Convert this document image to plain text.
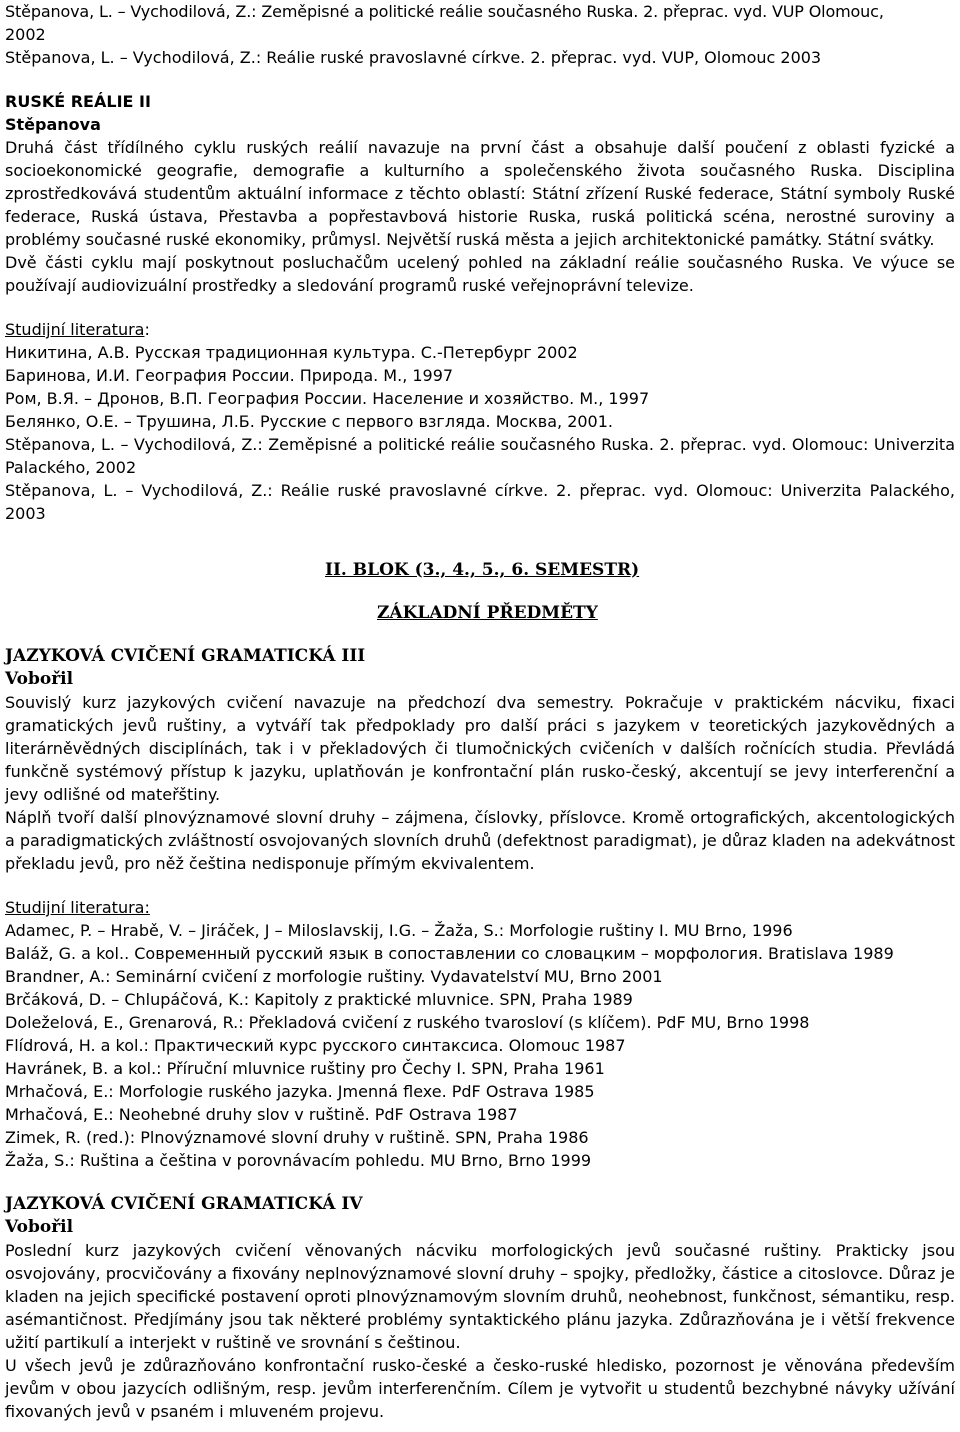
Stěpanova, L. – Vychodilová, Z.: Zeměpisné a politické reálie současného Ruska. 2. přeprac. vyd. VUP Olomouc,

2002

Stěpanova, L. – Vychodilová, Z.: Reálie ruské pravoslavné církve. 2. přeprac. vyd. VUP, Olomouc 2003

RUSKÉ REÁLIE II

Stěpanova

Druhá část třídílného cyklu ruských reálií navazuje na první část a obsahuje další poučení z oblasti fyzické a socioekonomické geografie, demografie a kulturního a společenského života současného Ruska. Disciplina zprostředkovává studentům aktuální informace z těchto oblastí: Státní zřízení Ruské federace, Státní symboly Ruské federace, Ruská ústava, Přestavba a popřestavbová historie Ruska, ruská politická scéna, nerostné suroviny a problémy současné ruské ekonomiky, průmysl. Největší ruská města a jejich architektonické památky. Státní svátky.

Dvě části cyklu mají poskytnout posluchačům ucelený pohled na základní reálie současného Ruska. Ve výuce se používají audiovizuální prostředky a sledování programů ruské veřejnoprávní televize.

Studijní literatura:

Никитина, А.В. Русская традиционная культура. С.-Петербург 2002

Баринова, И.И. География России. Природа. М., 1997

Ром, В.Я. – Дронов, В.П. География России. Население и хозяйство. М., 1997

Белянко, О.Е. – Трушина, Л.Б. Русские с первого взгляда. Москва, 2001.

Stěpanova, L. – Vychodilová, Z.: Zeměpisné a politické reálie současného Ruska. 2. přeprac. vyd. Olomouc: Univerzita Palackého, 2002

Stěpanova, L. – Vychodilová, Z.: Reálie ruské pravoslavné církve. 2. přeprac. vyd. Olomouc: Univerzita Palackého, 2003

II. BLOK (3., 4., 5., 6. SEMESTR)

ZÁKLADNÍ PŘEDMĚTY

JAZYKOVÁ CVIČENÍ GRAMATICKÁ III

Vobořil

Souvislý kurz jazykových cvičení navazuje na předchozí dva semestry. Pokračuje v praktickém nácviku, fixaci gramatických jevů ruštiny, a vytváří tak předpoklady pro další práci s jazykem v teoretických jazykovědných a literárněvědných disciplínách, tak i v překladových či tlumočnických cvičeních v dalších ročnících studia. Převládá funkčně systémový přístup k jazyku, uplatňován je konfrontační plán rusko-český, akcentují se jevy interferenční a jevy odlišné od mateřštiny.

Náplň tvoří další plnovýznamové slovní druhy – zájmena, číslovky, příslovce. Kromě ortografických, akcentologických a paradigmatických zvláštností osvojovaných slovních druhů (defektnost paradigmat), je důraz kladen na adekvátnost překladu jevů, pro něž čeština nedisponuje přímým ekvivalentem.

Studijní literatura:

Adamec, P. – Hrabě, V. – Jiráček, J – Miloslavskij, I.G. – Žaža, S.: Morfologie ruštiny I. MU Brno, 1996

Baláž, G. a kol.. Современный русский язык в сопоставлении со словацким – морфология. Bratislava 1989

Brandner, A.: Seminární cvičení z morfologie ruštiny. Vydavatelství MU, Brno 2001

Brčáková, D. – Chlupáčová, K.: Kapitoly z praktické mluvnice. SPN, Praha 1989

Doleželová, E., Grenarová, R.: Překladová cvičení z ruského tvarosloví (s klíčem). PdF MU, Brno 1998

Flídrová, H. a kol.: Практический курс русского синтаксиса. Olomouc 1987

Havránek, B. a kol.: Příruční mluvnice ruštiny pro Čechy I. SPN, Praha 1961

Mrhačová, E.: Morfologie ruského jazyka. Jmenná flexe. PdF Ostrava 1985

Mrhačová, E.: Neohebné druhy slov v ruštině. PdF Ostrava 1987

Zimek, R. (red.): Plnovýznamové slovní druhy v ruštině. SPN, Praha 1986

Žaža, S.: Ruština a čeština v porovnávacím pohledu. MU Brno, Brno 1999

JAZYKOVÁ CVIČENÍ GRAMATICKÁ IV

Vobořil

Poslední kurz jazykových cvičení věnovaných nácviku morfologických jevů současné ruštiny. Prakticky jsou osvojovány, procvičovány a fixovány neplnovýznamové slovní druhy – spojky, předložky, částice a citoslovce. Důraz je kladen na jejich specifické postavení oproti plnovýznamovým slovním druhů, neohebnost, funkčnost, sémantiku, resp. asémantičnost. Předjímány jsou tak některé problémy syntaktického plánu jazyka. Zdůrazňována je i větší frekvence užití partikulí a interjekt v ruštině ve srovnání s češtinou.

U všech jevů je zdůrazňováno konfrontační rusko-české a česko-ruské hledisko, pozornost je věnována především jevům v obou jazycích odlišným, resp. jevům interferenčním. Cílem je vytvořit u studentů bezchybné návyky užívání fixovaných jevů v psaném i mluveném projevu.
